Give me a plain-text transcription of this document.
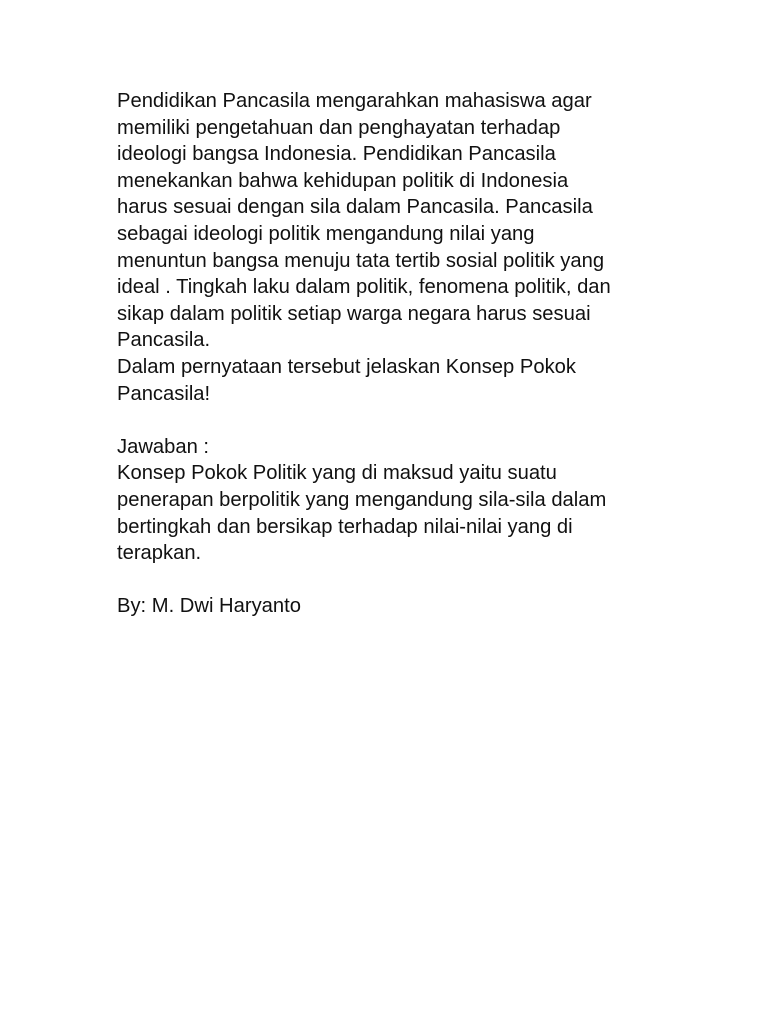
Pendidikan Pancasila mengarahkan mahasiswa agar
memiliki pengetahuan dan penghayatan terhadap
ideologi bangsa Indonesia. Pendidikan Pancasila
menekankan bahwa kehidupan politik di Indonesia
harus sesuai dengan sila dalam Pancasila. Pancasila
sebagai ideologi politik mengandung nilai yang
menuntun bangsa menuju tata tertib sosial politik yang
ideal . Tingkah laku dalam politik, fenomena politik, dan
sikap dalam politik setiap warga negara harus sesuai
Pancasila.
Dalam pernyataan tersebut jelaskan Konsep Pokok
Pancasila!
Jawaban :
Konsep Pokok Politik yang di maksud yaitu suatu
penerapan berpolitik yang mengandung sila-sila dalam
bertingkah dan bersikap terhadap nilai-nilai yang di
terapkan.
By: M. Dwi Haryanto
